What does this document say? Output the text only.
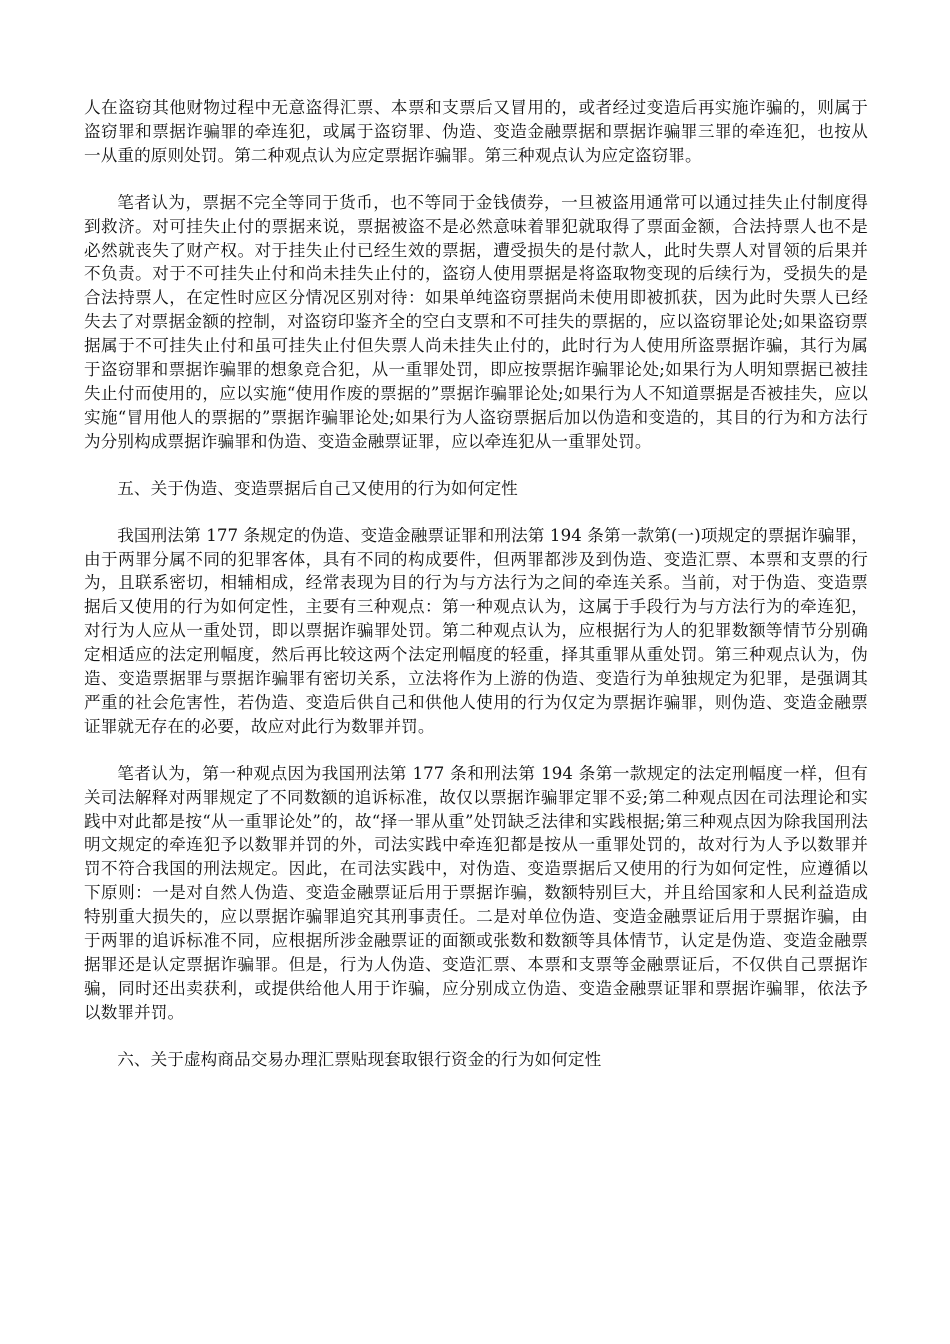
人在盗窃其他财物过程中无意盗得汇票、本票和支票后又冒用的，或者经过变造后再实施诈骗的，则属于盗窃罪和票据诈骗罪的牵连犯，或属于盗窃罪、伪造、变造金融票据和票据诈骗罪三罪的牵连犯，也按从一从重的原则处罚。第二种观点认为应定票据诈骗罪。第三种观点认为应定盗窃罪。

笔者认为，票据不完全等同于货币，也不等同于金钱债券，一旦被盗用通常可以通过挂失止付制度得到救济。对可挂失止付的票据来说，票据被盗不是必然意味着罪犯就取得了票面金额，合法持票人也不是必然就丧失了财产权。对于挂失止付已经生效的票据，遭受损失的是付款人，此时失票人对冒领的后果并不负责。对于不可挂失止付和尚未挂失止付的，盗窃人使用票据是将盗取物变现的后续行为，受损失的是合法持票人，在定性时应区分情况区别对待：如果单纯盗窃票据尚未使用即被抓获，因为此时失票人已经失去了对票据金额的控制，对盗窃印鉴齐全的空白支票和不可挂失的票据的，应以盗窃罪论处;如果盗窃票据属于不可挂失止付和虽可挂失止付但失票人尚未挂失止付的，此时行为人使用所盗票据诈骗，其行为属于盗窃罪和票据诈骗罪的想象竞合犯，从一重罪处罚，即应按票据诈骗罪论处;如果行为人明知票据已被挂失止付而使用的，应以实施“使用作废的票据的”票据诈骗罪论处;如果行为人不知道票据是否被挂失，应以实施“冒用他人的票据的”票据诈骗罪论处;如果行为人盗窃票据后加以伪造和变造的，其目的行为和方法行为分别构成票据诈骗罪和伪造、变造金融票证罪，应以牵连犯从一重罪处罚。

五、关于伪造、变造票据后自己又使用的行为如何定性

我国刑法第 177 条规定的伪造、变造金融票证罪和刑法第 194 条第一款第(一)项规定的票据诈骗罪，由于两罪分属不同的犯罪客体，具有不同的构成要件，但两罪都涉及到伪造、变造汇票、本票和支票的行为，且联系密切，相辅相成，经常表现为目的行为与方法行为之间的牵连关系。当前，对于伪造、变造票据后又使用的行为如何定性，主要有三种观点：第一种观点认为，这属于手段行为与方法行为的牵连犯，对行为人应从一重处罚，即以票据诈骗罪处罚。第二种观点认为，应根据行为人的犯罪数额等情节分别确定相适应的法定刑幅度，然后再比较这两个法定刑幅度的轻重，择其重罪从重处罚。第三种观点认为，伪造、变造票据罪与票据诈骗罪有密切关系，立法将作为上游的伪造、变造行为单独规定为犯罪，是强调其严重的社会危害性，若伪造、变造后供自己和供他人使用的行为仅定为票据诈骗罪，则伪造、变造金融票证罪就无存在的必要，故应对此行为数罪并罚。

笔者认为，第一种观点因为我国刑法第 177 条和刑法第 194 条第一款规定的法定刑幅度一样，但有关司法解释对两罪规定了不同数额的追诉标准，故仅以票据诈骗罪定罪不妥;第二种观点因在司法理论和实践中对此都是按“从一重罪论处”的，故“择一罪从重”处罚缺乏法律和实践根据;第三种观点因为除我国刑法明文规定的牵连犯予以数罪并罚的外，司法实践中牵连犯都是按从一重罪处罚的，故对行为人予以数罪并罚不符合我国的刑法规定。因此，在司法实践中，对伪造、变造票据后又使用的行为如何定性，应遵循以下原则：一是对自然人伪造、变造金融票证后用于票据诈骗，数额特别巨大，并且给国家和人民利益造成特别重大损失的，应以票据诈骗罪追究其刑事责任。二是对单位伪造、变造金融票证后用于票据诈骗，由于两罪的追诉标准不同，应根据所涉金融票证的面额或张数和数额等具体情节，认定是伪造、变造金融票据罪还是认定票据诈骗罪。但是，行为人伪造、变造汇票、本票和支票等金融票证后，不仅供自己票据诈骗，同时还出卖获利，或提供给他人用于诈骗，应分别成立伪造、变造金融票证罪和票据诈骗罪，依法予以数罪并罚。

六、关于虚构商品交易办理汇票贴现套取银行资金的行为如何定性
